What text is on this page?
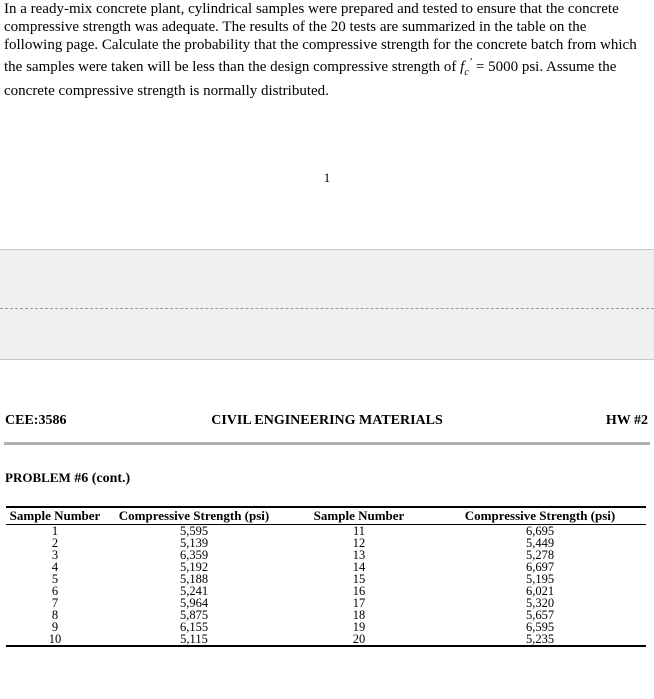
In a ready-mix concrete plant, cylindrical samples were prepared and tested to ensure that the concrete compressive strength was adequate. The results of the 20 tests are summarized in the table on the following page. Calculate the probability that the compressive strength for the concrete batch from which the samples were taken will be less than the design compressive strength of $f_c^’ = 5000$ psi. Assume the concrete compressive strength is normally distributed.

1
CIVIL ENGINEERING MATERIALS
CEE:3586	HW #2
PROBLEM #6 (cont.)
Sample Number	Compressive Strength (psi)	Sample Number	Compressive Strength (psi)
1	5,595	11	6,695
2	5,139	12	5,449
3	6,359	13	5,278
4	5,192	14	6,697
5	5,188	15	5,195
6	5,241	16	6,021
7	5,964	17	5,320
8	5,875	18	5,657
9	6,155	19	6,595
10	5,115	20	5,235
